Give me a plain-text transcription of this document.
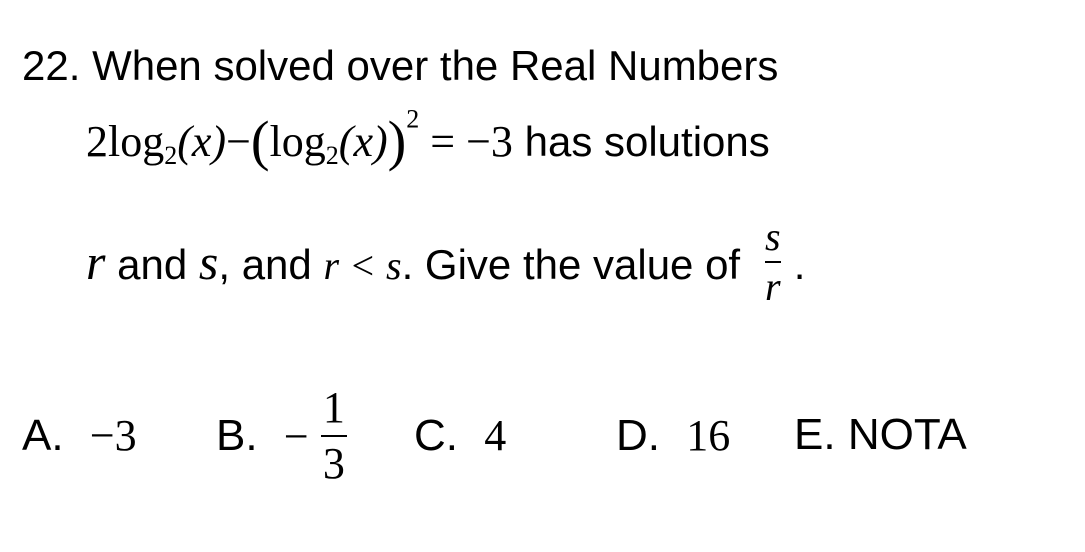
22. When solved over the Real Numbers
$2\log_2(x)-(\log_2(x))^2 = -3$ has solutions
r and s, and r < s. Give the value of $\frac{s}{r}$ .
A. −3 B. − $\frac{1}{3} C$. 4 D. 16 E. NOTA
